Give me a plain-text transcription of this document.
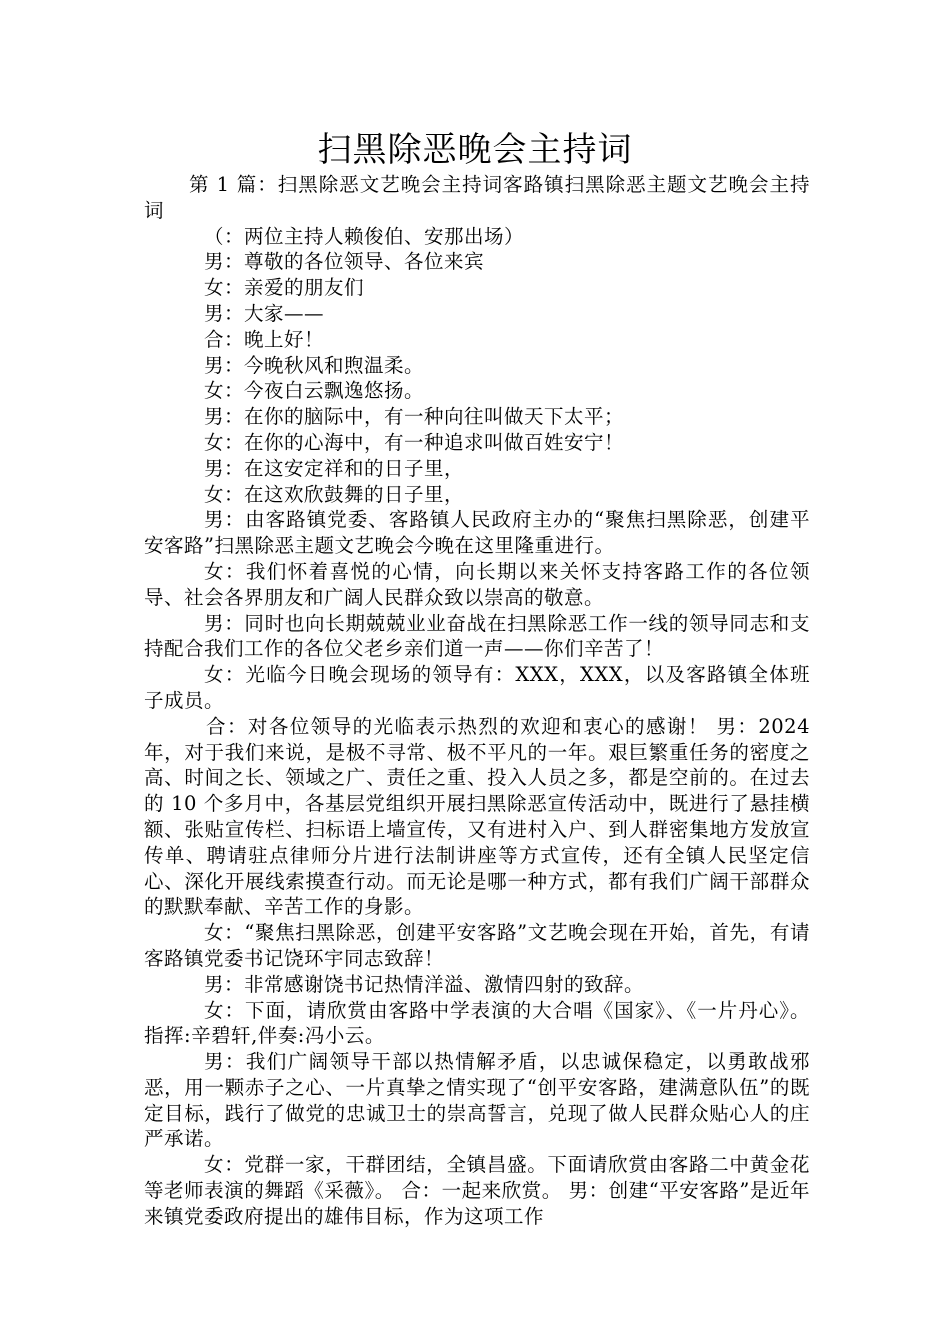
扫黑除恶晚会主持词

第 1 篇：扫黑除恶文艺晚会主持词客路镇扫黑除恶主题文艺晚会主持词

（：两位主持人赖俊伯、安那出场）
男：尊敬的各位领导、各位来宾
女：亲爱的朋友们
男：大家——
合：晚上好！
男：今晚秋风和煦温柔。
女：今夜白云飘逸悠扬。
男：在你的脑际中，有一种向往叫做天下太平；
女：在你的心海中，有一种追求叫做百姓安宁！
男：在这安定祥和的日子里，
女：在这欢欣鼓舞的日子里，

男：由客路镇党委、客路镇人民政府主办的“聚焦扫黑除恶，创建平安客路”扫黑除恶主题文艺晚会今晚在这里隆重进行。

女：我们怀着喜悦的心情，向长期以来关怀支持客路工作的各位领导、社会各界朋友和广阔人民群众致以崇高的敬意。

男：同时也向长期兢兢业业奋战在扫黑除恶工作一线的领导同志和支持配合我们工作的各位父老乡亲们道一声——你们辛苦了！

女：光临今日晚会现场的领导有：XXX，XXX，以及客路镇全体班子成员。

合：对各位领导的光临表示热烈的欢迎和衷心的感谢！ 男：2024 年，对于我们来说，是极不寻常、极不平凡的一年。艰巨繁重任务的密度之高、时间之长、领域之广、责任之重、投入人员之多，都是空前的。在过去的 10 个多月中，各基层党组织开展扫黑除恶宣传活动中，既进行了悬挂横额、张贴宣传栏、扫标语上墙宣传，又有进村入户、到人群密集地方发放宣传单、聘请驻点律师分片进行法制讲座等方式宣传，还有全镇人民坚定信心、深化开展线索摸查行动。而无论是哪一种方式，都有我们广阔干部群众的默默奉献、辛苦工作的身影。

女：“聚焦扫黑除恶，创建平安客路”文艺晚会现在开始，首先，有请客路镇党委书记饶环宇同志致辞！

男：非常感谢饶书记热情洋溢、激情四射的致辞。

女：下面，请欣赏由客路中学表演的大合唱《国家》、《一片丹心》。指挥:辛碧轩,伴奏:冯小云。

男：我们广阔领导干部以热情解矛盾，以忠诚保稳定，以勇敢战邪恶，用一颗赤子之心、一片真挚之情实现了“创平安客路，建满意队伍”的既定目标，践行了做党的忠诚卫士的崇高誓言，兑现了做人民群众贴心人的庄严承诺。

女：党群一家，干群团结，全镇昌盛。下面请欣赏由客路二中黄金花等老师表演的舞蹈《采薇》。 合：一起来欣赏。 男：创建“平安客路”是近年来镇党委政府提出的雄伟目标，作为这项工作
